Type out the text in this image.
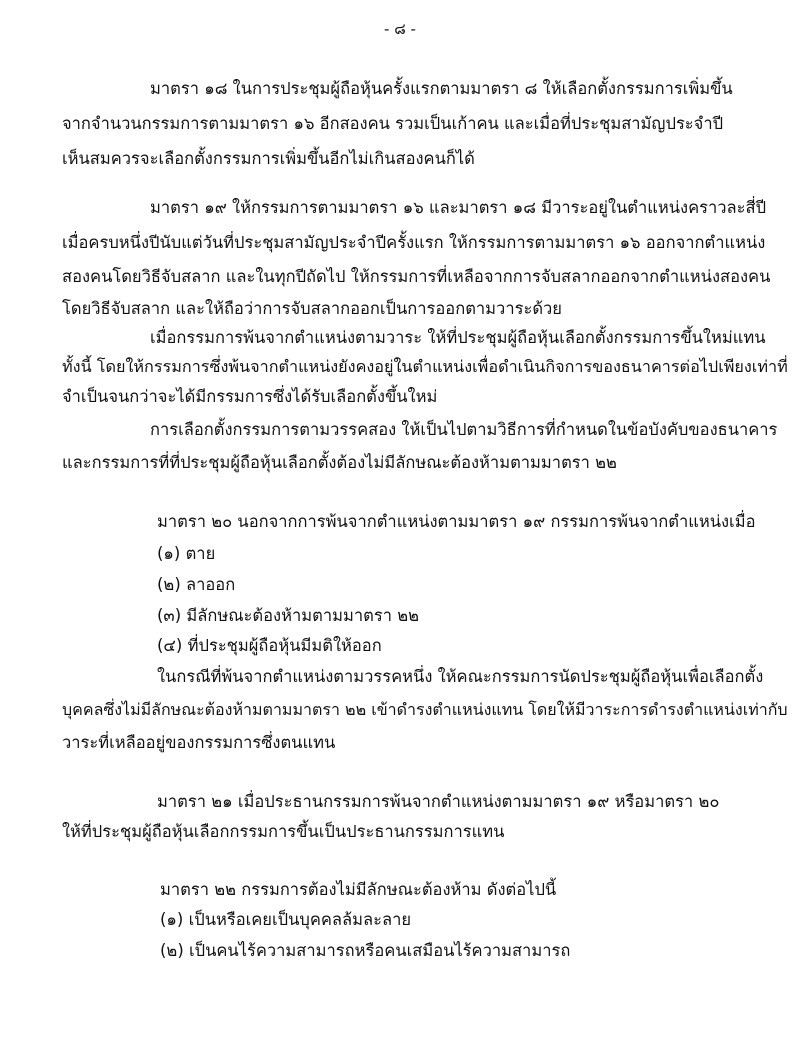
- ๘ -
มาตรา ๑๘ ในการประชุมผู้ถือหุ้นครั้งแรกตามมาตรา ๘ ให้เลือกตั้งกรรมการเพิ่มขึ้น
จากจำนวนกรรมการตามมาตรา ๑๖ อีกสองคน รวมเป็นเก้าคน และเมื่อที่ประชุมสามัญประจำปี
เห็นสมควรจะเลือกตั้งกรรมการเพิ่มขึ้นอีกไม่เกินสองคนก็ได้
มาตรา ๑๙ ให้กรรมการตามมาตรา ๑๖ และมาตรา ๑๘ มีวาระอยู่ในตำแหน่งคราวละสี่ปี
เมื่อครบหนึ่งปีนับแต่วันที่ประชุมสามัญประจำปีครั้งแรก ให้กรรมการตามมาตรา ๑๖ ออกจากตำแหน่ง
สองคนโดยวิธีจับสลาก และในทุกปีถัดไป ให้กรรมการที่เหลือจากการจับสลากออกจากตำแหน่งสองคน
โดยวิธีจับสลาก และให้ถือว่าการจับสลากออกเป็นการออกตามวาระด้วย
เมื่อกรรมการพ้นจากตำแหน่งตามวาระ ให้ที่ประชุมผู้ถือหุ้นเลือกตั้งกรรมการขึ้นใหม่แทน
ทั้งนี้ โดยให้กรรมการซึ่งพ้นจากตำแหน่งยังคงอยู่ในตำแหน่งเพื่อดำเนินกิจการของธนาคารต่อไปเพียงเท่าที่
จำเป็นจนกว่าจะได้มีกรรมการซึ่งได้รับเลือกตั้งขึ้นใหม่
การเลือกตั้งกรรมการตามวรรคสอง ให้เป็นไปตามวิธีการที่กำหนดในข้อบังคับของธนาคาร
และกรรมการที่ที่ประชุมผู้ถือหุ้นเลือกตั้งต้องไม่มีลักษณะต้องห้ามตามมาตรา ๒๒
มาตรา ๒๐ นอกจากการพ้นจากตำแหน่งตามมาตรา ๑๙ กรรมการพ้นจากตำแหน่งเมื่อ
(๑) ตาย
(๒) ลาออก
(๓) มีลักษณะต้องห้ามตามมาตรา ๒๒
(๔) ที่ประชุมผู้ถือหุ้นมีมติให้ออก
ในกรณีที่พ้นจากตำแหน่งตามวรรคหนึ่ง ให้คณะกรรมการนัดประชุมผู้ถือหุ้นเพื่อเลือกตั้ง
บุคคลซึ่งไม่มีลักษณะต้องห้ามตามมาตรา ๒๒ เข้าดำรงตำแหน่งแทน โดยให้มีวาระการดำรงตำแหน่งเท่ากับ
วาระที่เหลืออยู่ของกรรมการซึ่งตนแทน
มาตรา ๒๑ เมื่อประธานกรรมการพ้นจากตำแหน่งตามมาตรา ๑๙ หรือมาตรา ๒๐
ให้ที่ประชุมผู้ถือหุ้นเลือกกรรมการขึ้นเป็นประธานกรรมการแทน
มาตรา ๒๒ กรรมการต้องไม่มีลักษณะต้องห้าม ดังต่อไปนี้
(๑) เป็นหรือเคยเป็นบุคคลล้มละลาย
(๒) เป็นคนไร้ความสามารถหรือคนเสมือนไร้ความสามารถ
